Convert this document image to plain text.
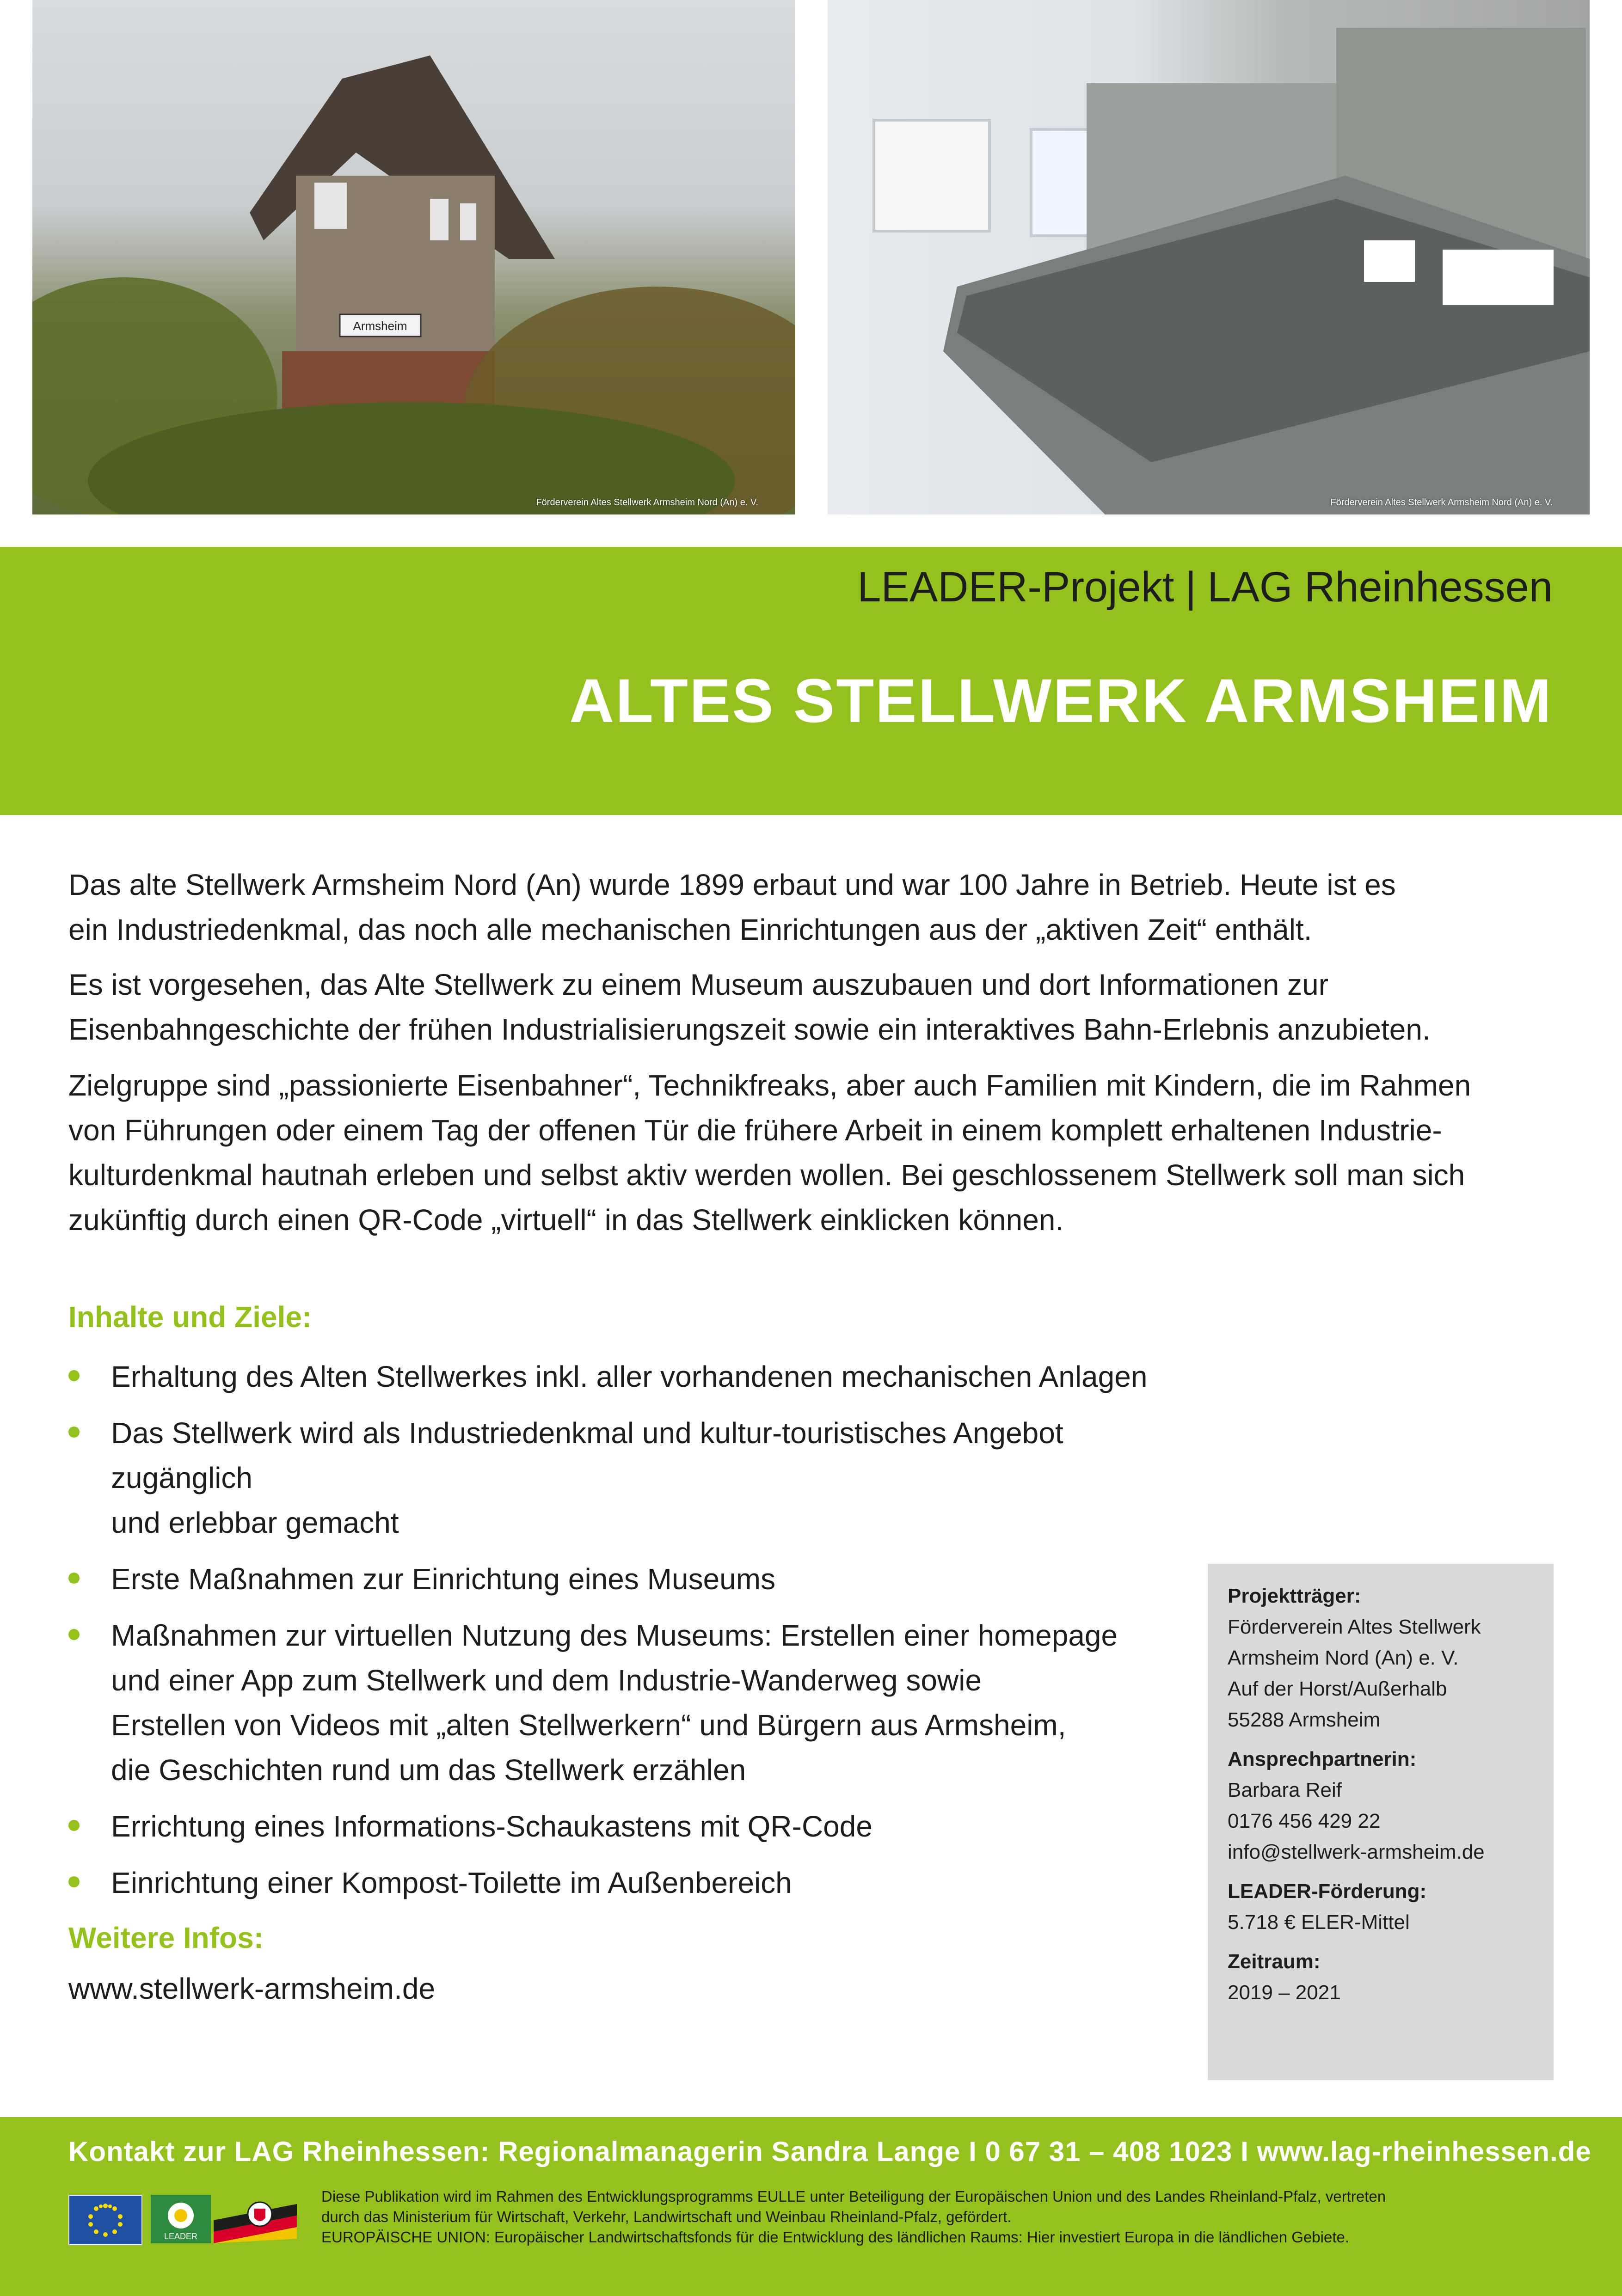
Armsheim
Förderverein Altes Stellwerk Armsheim Nord (An) e. V.	Förderverein Altes Stellwerk Armsheim Nord (An) e. V.
LEADER-Projekt | LAG Rheinhessen
ALTES STELLWERK ARMSHEIM

Das alte Stellwerk Armsheim Nord (An) wurde 1899 erbaut und war 100 Jahre in Betrieb. Heute ist es
ein Industriedenkmal, das noch alle mechanischen Einrichtungen aus der „aktiven Zeit“ enthält.

Es ist vorgesehen, das Alte Stellwerk zu einem Museum auszubauen und dort Informationen zur
Eisenbahngeschichte der frühen Industrialisierungszeit sowie ein interaktives Bahn-Erlebnis anzubieten.

Zielgruppe sind „passionierte Eisenbahner“, Technikfreaks, aber auch Familien mit Kindern, die im Rahmen
von Führungen oder einem Tag der offenen Tür die frühere Arbeit in einem komplett erhaltenen Industrie-
kulturdenkmal hautnah erleben und selbst aktiv werden wollen. Bei geschlossenem Stellwerk soll man sich
zukünftig durch einen QR-Code „virtuell“ in das Stellwerk einklicken können.

Inhalte und Ziele:
Erhaltung des Alten Stellwerkes inkl. aller vorhandenen mechanischen Anlagen
Das Stellwerk wird als Industriedenkmal und kultur-touristisches Angebot zugänglich
und erlebbar gemacht
Erste Maßnahmen zur Einrichtung eines Museums
Maßnahmen zur virtuellen Nutzung des Museums: Erstellen einer homepage
und einer App zum Stellwerk und dem Industrie-Wanderweg sowie
Erstellen von Videos mit „alten Stellwerkern“ und Bürgern aus Armsheim,
die Geschichten rund um das Stellwerk erzählen
Errichtung eines Informations-Schaukastens mit QR-Code
Einrichtung einer Kompost-Toilette im Außenbereich
Weitere Infos:
www.stellwerk-armsheim.de
Projektträger:
Förderverein Altes Stellwerk
Armsheim Nord (An) e. V.
Auf der Horst/Außerhalb
55288 Armsheim
Ansprechpartnerin:
Barbara Reif
0176 456 429 22
info@stellwerk-armsheim.de
LEADER-Förderung:
5.718 € ELER-Mittel
Zeitraum:
2019 – 2021
Kontakt zur LAG Rheinhessen: Regionalmanagerin Sandra Lange I 0 67 31 – 408 1023 I www.lag-rheinhessen.de
LEADER
Diese Publikation wird im Rahmen des Entwicklungsprogramms EULLE unter Beteiligung der Europäischen Union und des Landes Rheinland-Pfalz, vertreten
durch das Ministerium für Wirtschaft, Verkehr, Landwirtschaft und Weinbau Rheinland-Pfalz, gefördert.
EUROPÄISCHE UNION: Europäischer Landwirtschaftsfonds für die Entwicklung des ländlichen Raums: Hier investiert Europa in die ländlichen Gebiete.
